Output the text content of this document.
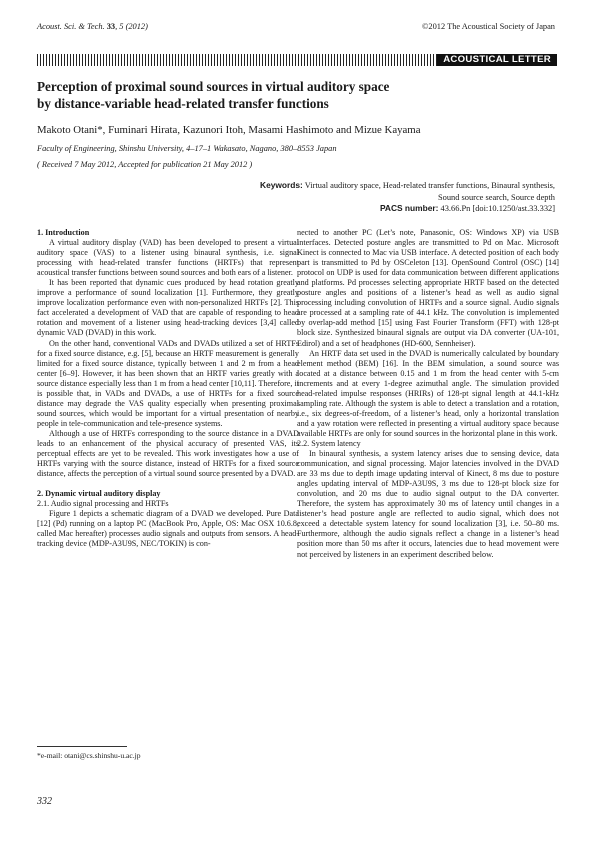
Acoust. Sci. & Tech. 33, 5 (2012)	©2012 The Acoustical Society of Japan
ACOUSTICAL LETTER
Perception of proximal sound sources in virtual auditory space
by distance-variable head-related transfer functions
Makoto Otani*, Fuminari Hirata, Kazunori Itoh, Masami Hashimoto and Mizue Kayama
Faculty of Engineering, Shinshu University, 4–17–1 Wakasato, Nagano, 380–8553 Japan
( Received 7 May 2012, Accepted for publication 21 May 2012 )
Keywords: Virtual auditory space, Head-related transfer functions, Binaural synthesis, Sound source search, Source depth
PACS number: 43.66.Pn [doi:10.1250/ast.33.332]
1. Introduction

A virtual auditory display (VAD) has been developed to present a virtual auditory space (VAS) to a listener using binaural synthesis, i.e. signal processing with head-related transfer functions (HRTFs) that represent acoustical transfer functions between sound sources and both ears of a listener.

It has been reported that dynamic cues produced by head rotation greatly improve a performance of sound localization [1]. Furthermore, they greatly improve localization performance even with non-personalized HRTFs [2]. This fact accelerated a development of VAD that are capable of responding to head rotation and movement of a listener using head-tracking devices [3,4] called dynamic VAD (DVAD) in this work.

On the other hand, conventional VADs and DVADs utilized a set of HRTFs for a fixed source distance, e.g. [5], because an HRTF measurement is generally limited for a fixed source distance, typically between 1 and 2 m from a head center [6–9]. However, it has been shown that an HRTF varies greatly with a source distance especially less than 1 m from a head center [10,11]. Therefore, it is possible that, in VADs and DVADs, a use of HRTFs for a fixed source distance may degrade the VAS quality especially when presenting proximal sound sources, which would be important for a virtual presentation of nearby people in tele-communication and tele-presence systems.

Although a use of HRTFs corresponding to the source distance in a DVAD leads to an enhancement of the physical accuracy of presented VAS, its perceptual effects are yet to be revealed. This work investigates how a use of HRTFs varying with the source distance, instead of HRTFs for a fixed source distance, affects the perception of a virtual sound source presented by a DVAD.

2. Dynamic virtual auditory display
2.1. Audio signal processing and HRTFs

Figure 1 depicts a schematic diagram of a DVAD we developed. Pure Data [12] (Pd) running on a laptop PC (MacBook Pro, Apple, OS: Mac OSX 10.6.8, called Mac hereafter) processes audio signals and outputs from sensors. A head-tracking device (MDP-A3U9S, NEC/TOKIN) is con-

nected to another PC (Let’s note, Panasonic, OS: Windows XP) via USB interfaces. Detected posture angles are transmitted to Pd on Mac. Microsoft Kinect is connected to Mac via USB interface. A detected position of each body part is transmitted to Pd by OSCeleton [13]. OpenSound Control (OSC) [14] protocol on UDP is used for data communication between different applications and platforms. Pd processes selecting appropriate HRTF based on the detected posture angles and positions of a listener’s head as well as audio signal processing including convolution of HRTFs and a source signal. Audio signals are processed at a sampling rate of 44.1 kHz. The convolution is implemented by overlap-add method [15] using Fast Fourier Transform (FFT) with 128-pt block size. Synthesized binaural signals are output via DA converter (UA-101, Edirol) and a set of headphones (HD-600, Sennheiser).

An HRTF data set used in the DVAD is numerically calculated by boundary element method (BEM) [16]. In the BEM simulation, a sound source was located at a distance between 0.15 and 1 m from the head center with 5-cm increments and at every 1-degree azimuthal angle. The simulation provided head-related impulse responses (HRIRs) of 128-pt signal length at 44.1-kHz sampling rate. Although the system is able to detect a translation and a rotation, i.e., six degrees-of-freedom, of a listener’s head, only a horizontal translation and a yaw rotation were reflected in presenting a virtual auditory space because available HRTFs are only for sound sources in the horizontal plane in this work.

2.2. System latency

In binaural synthesis, a system latency arises due to sensing device, data communication, and signal processing. Major latencies involved in the DVAD are 33 ms due to depth image updating interval of Kinect, 8 ms due to posture angles updating interval of MDP-A3U9S, 3 ms due to 128-pt block size for convolution, and 20 ms due to audio signal output to the DA converter. Therefore, the system has approximately 30 ms of latency until changes in a listener’s head posture angle are reflected to audio signal, which does not exceed a detectable system latency for sound localization [3], i.e. 50–80 ms. Furthermore, although the audio signals reflect a change in a listener’s head position more than 50 ms after it occurs, latencies due to head movement were not perceived by listeners in an experiment described below.

*e-mail: otani@cs.shinshu-u.ac.jp
332
